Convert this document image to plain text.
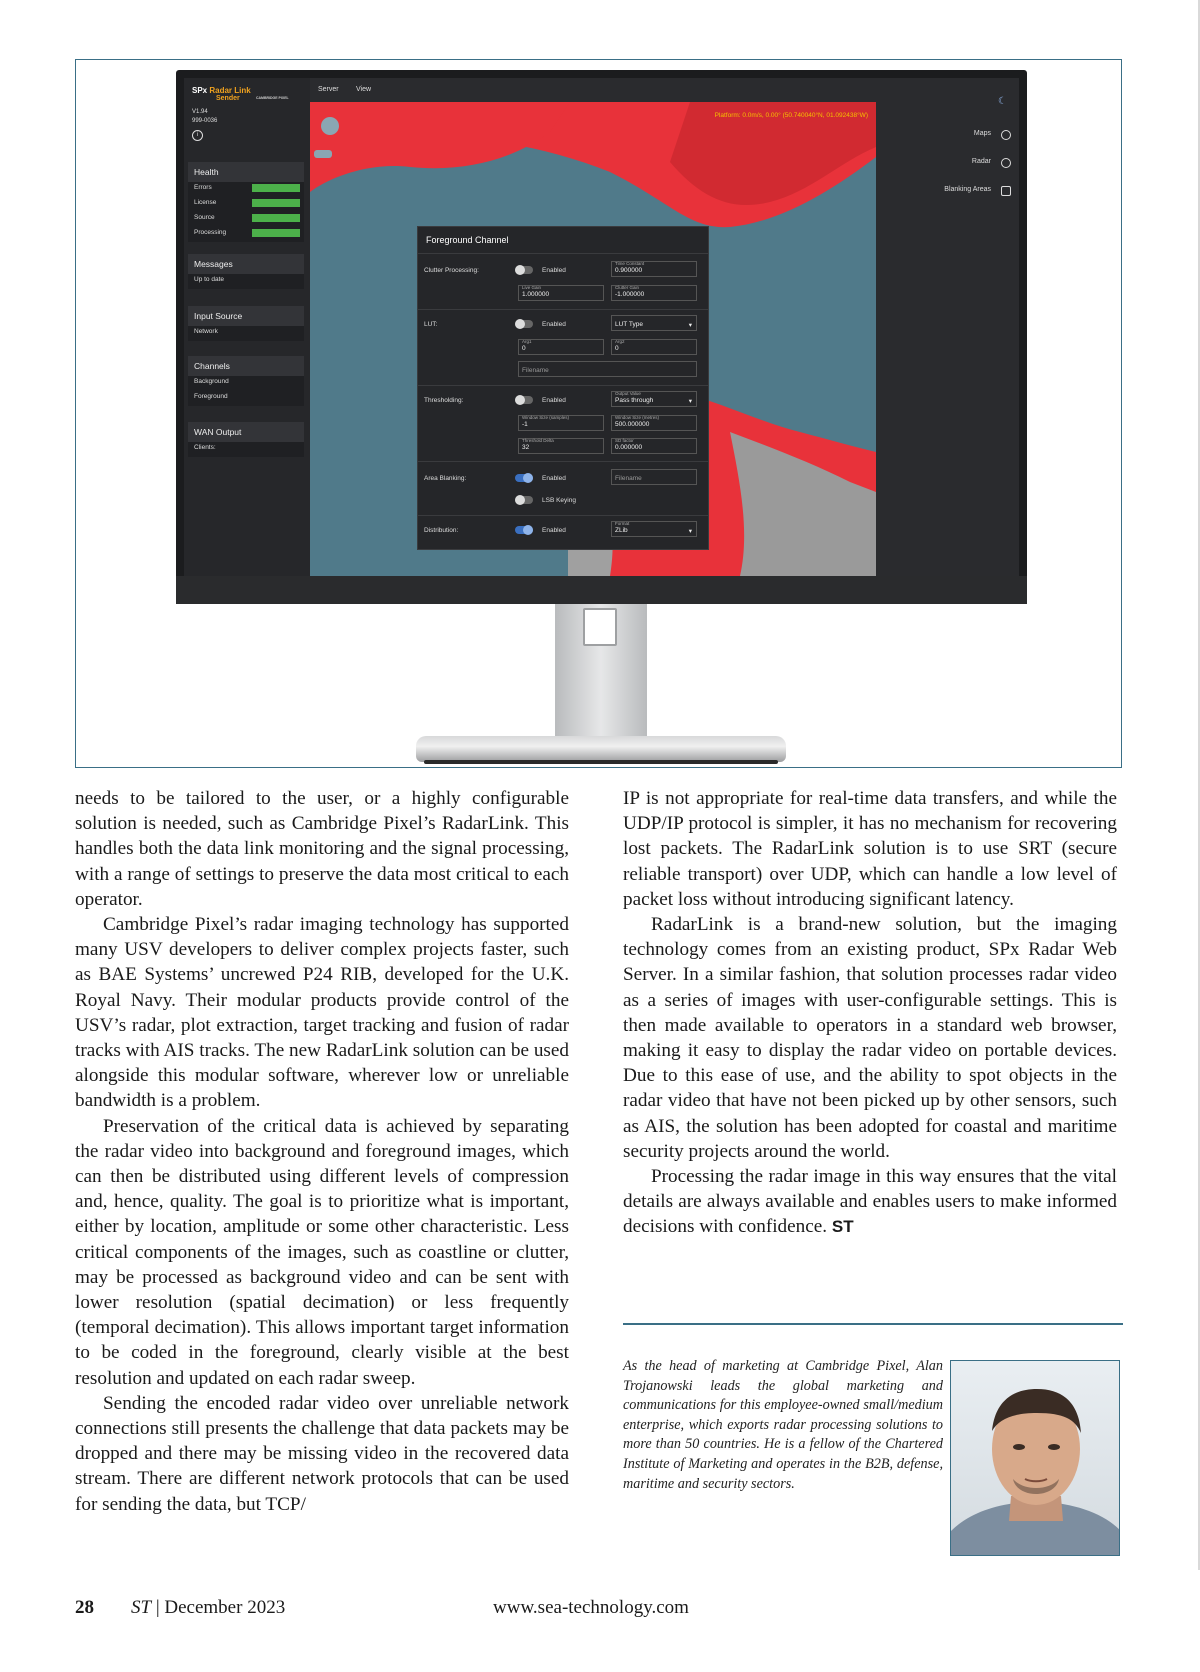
SPx Radar Link
Sender	CAMBRIDGE PIXEL
V1.94
999-0036
i
Health
Errors
License
Source
Processing
Messages
Up to date
Input Source
Network
Channels
Background
Foreground
WAN Output
Clients:
Server View
Platform: 0.0m/s, 0.00° (50.740040°N, 01.092438°W)
☾
Maps
Radar
Blanking Areas
Foreground Channel
Clutter Processing:	Enabled
Time Constant
0.900000
Live Gain
1.000000
Clutter Gain
-1.000000
LUT:	Enabled	LUT Type	▾
Arg1
0
Arg2
0
Filename
Thresholding:	Enabled
Output Value
Pass through	▾
Window Size (samples)
-1
Window Size (metres)
500.000000
Threshold Delta
32
SD factor
0.000000
Area Blanking:	Enabled	Filename
LSB Keying
Distribution:	Enabled
Format
ZLib	▾

needs to be tailored to the user, or a highly configurable solution is needed, such as Cambridge Pixel’s RadarLink. This handles both the data link monitoring and the signal processing, with a range of settings to preserve the data most critical to each operator.

Cambridge Pixel’s radar imaging technology has supported many USV developers to deliver complex projects faster, such as BAE Systems’ uncrewed P24 RIB, developed for the U.K. Royal Navy. Their modular products provide control of the USV’s radar, plot extraction, target tracking and fusion of radar tracks with AIS tracks. The new RadarLink solution can be used alongside this modular software, wherever low or unreliable bandwidth is a problem.

Preservation of the critical data is achieved by separating the radar video into background and foreground images, which can then be distributed using different levels of compression and, hence, quality. The goal is to prioritize what is important, either by location, amplitude or some other characteristic. Less critical components of the images, such as coastline or clutter, may be processed as background video and can be sent with lower resolution (spatial decimation) or less frequently (temporal decimation). This allows important target information to be coded in the foreground, clearly visible at the best resolution and updated on each radar sweep.

Sending the encoded radar video over unreliable network connections still presents the challenge that data packets may be dropped and there may be missing video in the recovered data stream. There are different network protocols that can be used for sending the data, but TCP/

IP is not appropriate for real-time data transfers, and while the UDP/IP protocol is simpler, it has no mechanism for recovering lost packets. The RadarLink solution is to use SRT (secure reliable transport) over UDP, which can handle a low level of packet loss without introducing significant latency.

RadarLink is a brand-new solution, but the imaging technology comes from an existing product, SPx Radar Web Server. In a similar fashion, that solution processes radar video as a series of images with user-configurable settings. This is then made available to operators in a standard web browser, making it easy to display the radar video on portable devices. Due to this ease of use, and the ability to spot objects in the radar video that have not been picked up by other sensors, such as AIS, the solution has been adopted for coastal and maritime security projects around the world.

Processing the radar image in this way ensures that the vital details are always available and enables users to make informed decisions with confidence. ST

As the head of marketing at Cambridge Pixel, Alan Trojanowski leads the global marketing and communications for this employee-owned small/medium enterprise, which exports radar processing solutions to more than 50 countries. He is a fellow of the Chartered Institute of Marketing and operates in the B2B, defense, maritime and security sectors.
28 ST | December 2023	www.sea-technology.com
